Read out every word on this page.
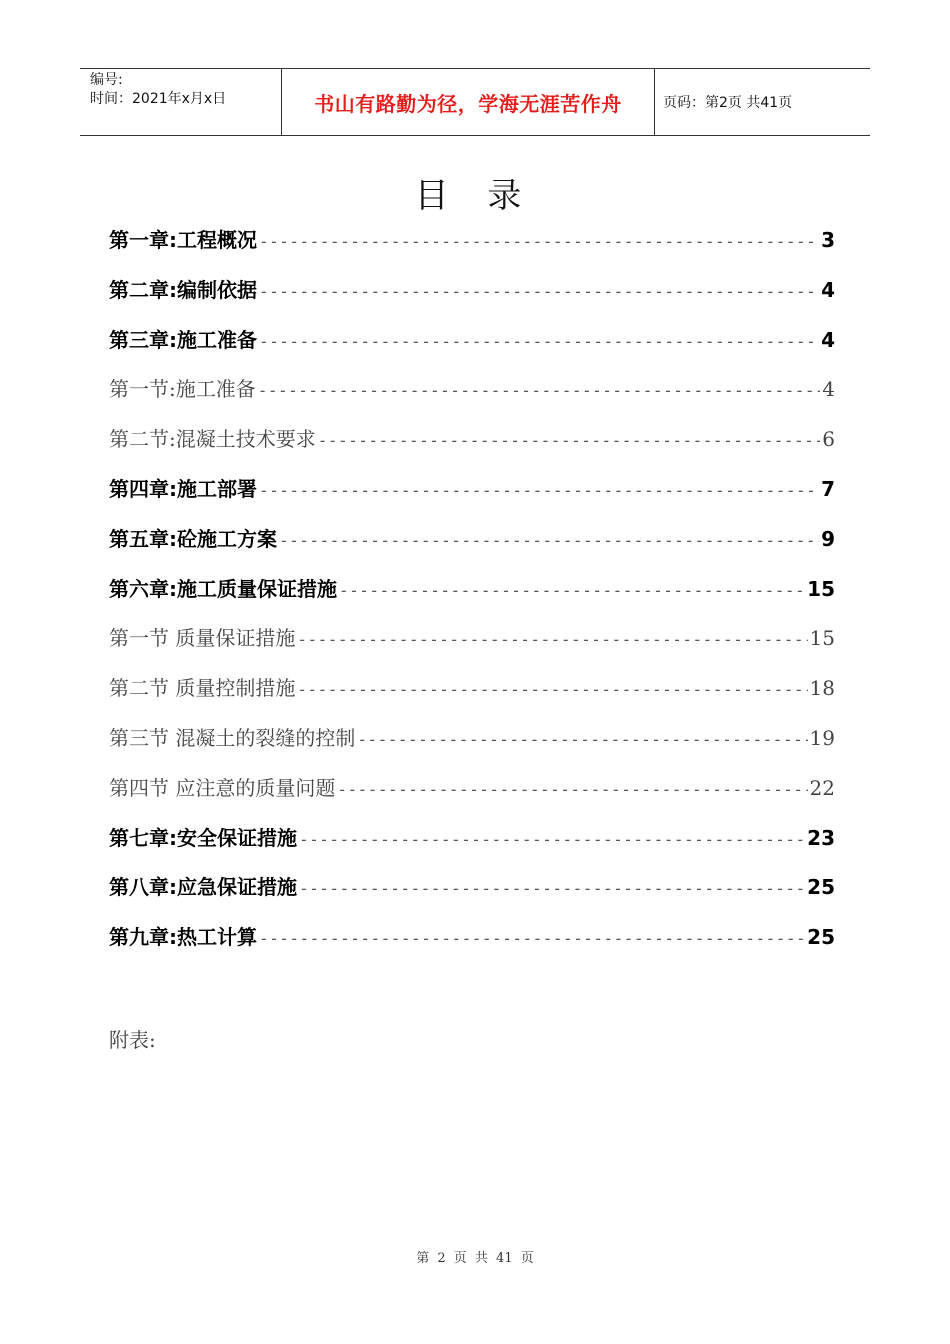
编号:
时间：2021年x月x日	书山有路勤为径，学海无涯苦作舟	页码：第2页 共41页
目 录
第一章:工程概况 -----	3
第二章:编制依据 -----	4
第三章:施工准备 -----	4
第一节:施工准备 -----	4
第二节:混凝土技术要求 -----	6
第四章:施工部署 -----	7
第五章:砼施工方案 -----	9
第六章:施工质量保证措施 -----	15
第一节 质量保证措施 -----	15
第二节 质量控制措施 -----	18
第三节 混凝土的裂缝的控制 -----	19
第四节 应注意的质量问题 -----	22
第七章:安全保证措施 -----	23
第八章:应急保证措施 -----	25
第九章:热工计算 -----	25
附表:
第 2 页 共 41 页
